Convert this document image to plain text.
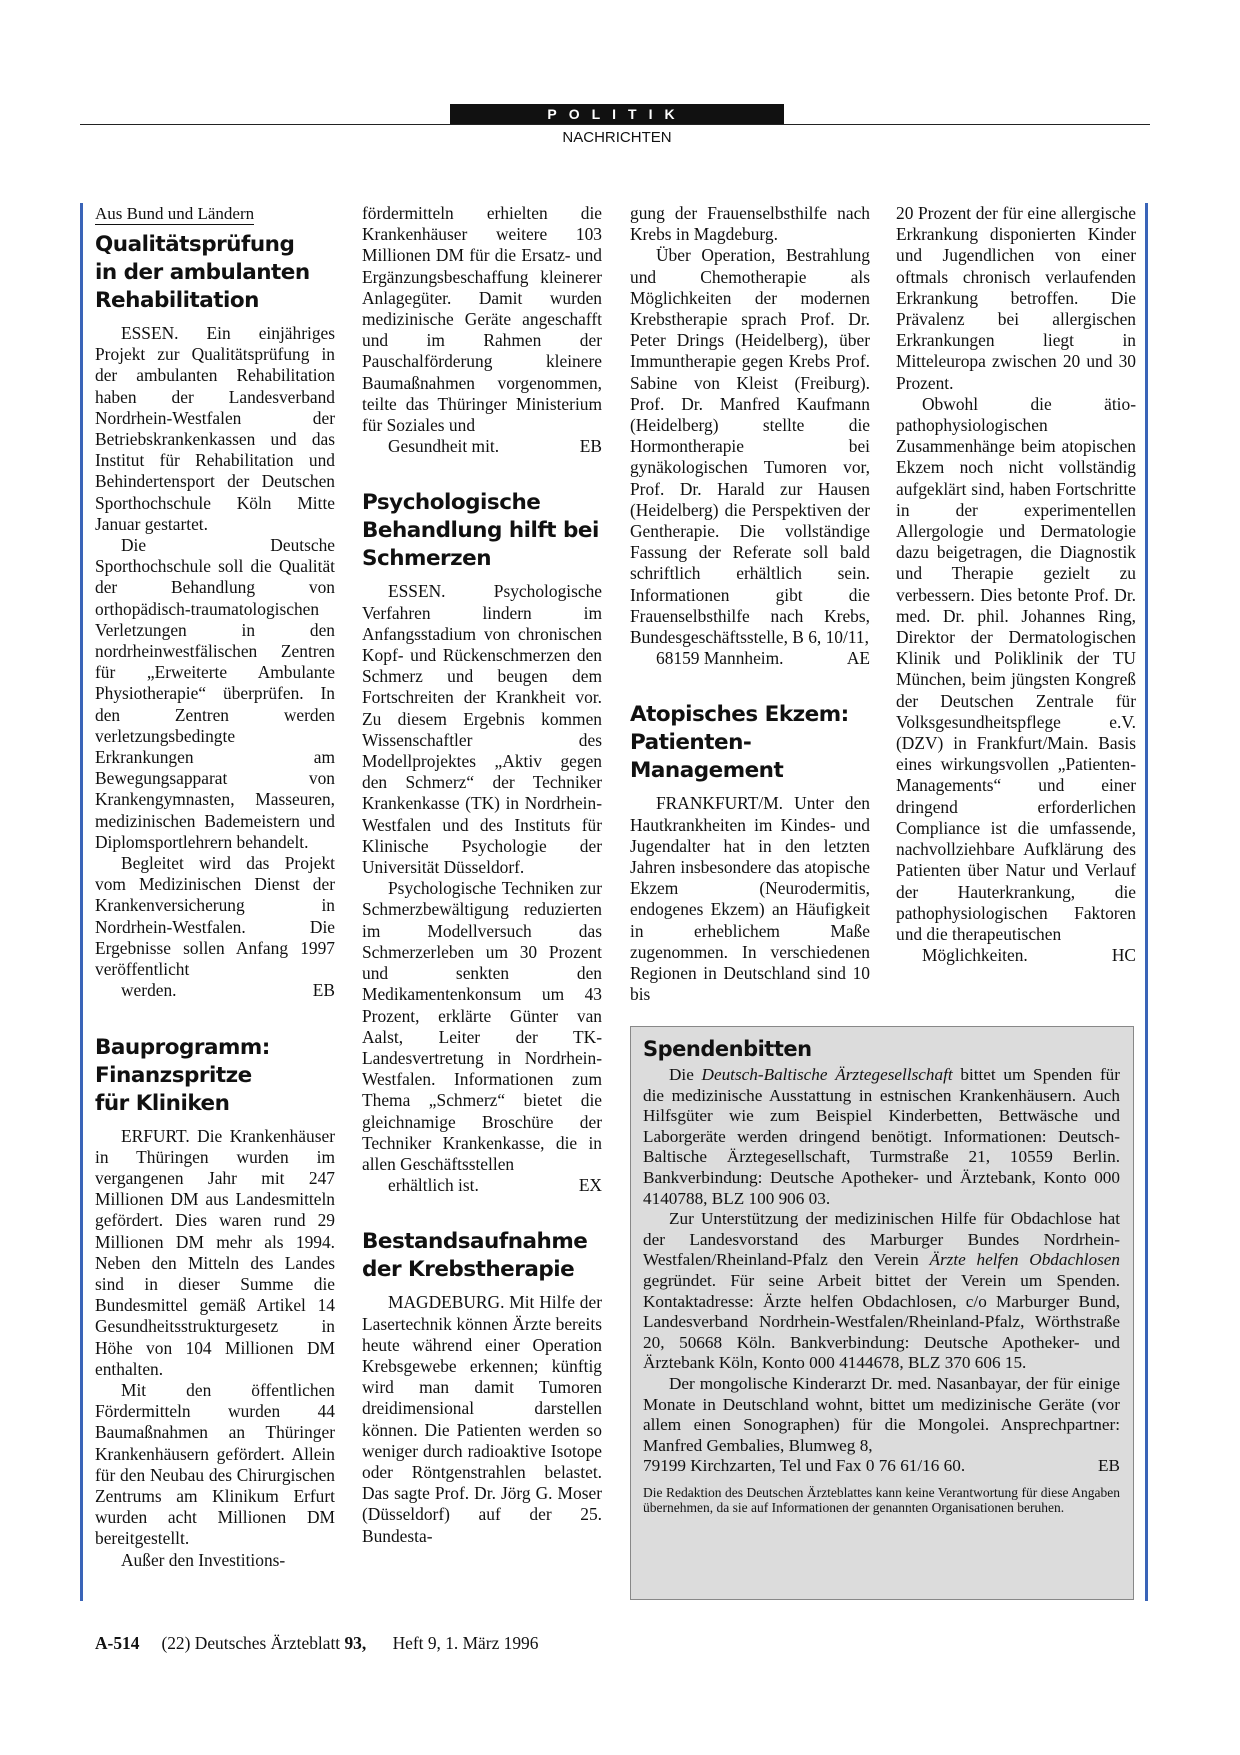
POLITIK
NACHRICHTEN
Aus Bund und Ländern
Qualitätsprüfung
in der ambulanten
Rehabilitation

ESSEN. Ein einjähriges Projekt zur Qualitätsprüfung in der ambulanten Rehabilitation haben der Landesverband Nordrhein-Westfalen der Betriebskrankenkassen und das Institut für Rehabilitation und Behindertensport der Deutschen Sporthochschule Köln Mitte Januar gestartet.

Die Deutsche Sporthochschule soll die Qualität der Behandlung von orthopädisch-traumatologischen Verletzungen in den nordrheinwestfälischen Zentren für „Erweiterte Ambulante Physiotherapie“ überprüfen. In den Zentren werden verletzungsbedingte Erkrankungen am Bewegungsapparat von Krankengymnasten, Masseuren, medizinischen Bademeistern und Diplomsportlehrern behandelt.

Begleitet wird das Projekt vom Medizinischen Dienst der Krankenversicherung in Nordrhein-Westfalen. Die Ergebnisse sollen Anfang 1997 veröffentlicht

werden.	EB

Bauprogramm:
Finanzspritze
für Kliniken

ERFURT. Die Krankenhäuser in Thüringen wurden im vergangenen Jahr mit 247 Millionen DM aus Landesmitteln gefördert. Dies waren rund 29 Millionen DM mehr als 1994. Neben den Mitteln des Landes sind in dieser Summe die Bundesmittel gemäß Artikel 14 Gesundheitsstrukturgesetz in Höhe von 104 Millionen DM enthalten.

Mit den öffentlichen Fördermitteln wurden 44 Baumaßnahmen an Thüringer Krankenhäusern gefördert. Allein für den Neubau des Chirurgischen Zentrums am Klinikum Erfurt wurden acht Millionen DM bereitgestellt.

Außer den Investitions-

fördermitteln erhielten die Krankenhäuser weitere 103 Millionen DM für die Ersatz- und Ergänzungsbeschaffung kleinerer Anlagegüter. Damit wurden medizinische Geräte angeschafft und im Rahmen der Pauschalförderung kleinere Baumaßnahmen vorgenommen, teilte das Thüringer Ministerium für Soziales und

Gesundheit mit.	EB

Psychologische
Behandlung hilft bei
Schmerzen

ESSEN. Psychologische Verfahren lindern im Anfangsstadium von chronischen Kopf- und Rückenschmerzen den Schmerz und beugen dem Fortschreiten der Krankheit vor. Zu diesem Ergebnis kommen Wissenschaftler des Modellprojektes „Aktiv gegen den Schmerz“ der Techniker Krankenkasse (TK) in Nordrhein-Westfalen und des Instituts für Klinische Psychologie der Universität Düsseldorf.

Psychologische Techniken zur Schmerzbewältigung reduzierten im Modellversuch das Schmerzerleben um 30 Prozent und senkten den Medikamentenkonsum um 43 Prozent, erklärte Günter van Aalst, Leiter der TK-Landesvertretung in Nordrhein-Westfalen. Informationen zum Thema „Schmerz“ bietet die gleichnamige Broschüre der Techniker Krankenkasse, die in allen Geschäftsstellen

erhältlich ist.	EX

Bestandsaufnahme
der Krebstherapie

MAGDEBURG. Mit Hilfe der Lasertechnik können Ärzte bereits heute während einer Operation Krebsgewebe erkennen; künftig wird man damit Tumoren dreidimensional darstellen können. Die Patienten werden so weniger durch radioaktive Isotope oder Röntgenstrahlen belastet. Das sagte Prof. Dr. Jörg G. Moser (Düsseldorf) auf der 25. Bundesta-

gung der Frauenselbsthilfe nach Krebs in Magdeburg.

Über Operation, Bestrahlung und Chemotherapie als Möglichkeiten der modernen Krebstherapie sprach Prof. Dr. Peter Drings (Heidelberg), über Immuntherapie gegen Krebs Prof. Sabine von Kleist (Freiburg). Prof. Dr. Manfred Kaufmann (Heidelberg) stellte die Hormontherapie bei gynäkologischen Tumoren vor, Prof. Dr. Harald zur Hausen (Heidelberg) die Perspektiven der Gentherapie. Die vollständige Fassung der Referate soll bald schriftlich erhältlich sein. Informationen gibt die Frauenselbsthilfe nach Krebs, Bundesgeschäftsstelle, B 6, 10/11,

68159 Mannheim.	AE

Atopisches Ekzem:
Patienten-Management

FRANKFURT/M. Unter den Hautkrankheiten im Kindes- und Jugendalter hat in den letzten Jahren insbesondere das atopische Ekzem (Neurodermitis, endogenes Ekzem) an Häufigkeit in erheblichem Maße zugenommen. In verschiedenen Regionen in Deutschland sind 10 bis

20 Prozent der für eine allergische Erkrankung disponierten Kinder und Jugendlichen von einer oftmals chronisch verlaufenden Erkrankung betroffen. Die Prävalenz bei allergischen Erkrankungen liegt in Mitteleuropa zwischen 20 und 30 Prozent.

Obwohl die ätio-pathophysiologischen Zusammenhänge beim atopischen Ekzem noch nicht vollständig aufgeklärt sind, haben Fortschritte in der experimentellen Allergologie und Dermatologie dazu beigetragen, die Diagnostik und Therapie gezielt zu verbessern. Dies betonte Prof. Dr. med. Dr. phil. Johannes Ring, Direktor der Dermatologischen Klinik und Poliklinik der TU München, beim jüngsten Kongreß der Deutschen Zentrale für Volksgesundheitspflege e.V. (DZV) in Frankfurt/Main. Basis eines wirkungsvollen „Patienten-Managements“ und einer dringend erforderlichen Compliance ist die umfassende, nachvollziehbare Aufklärung des Patienten über Natur und Verlauf der Hauterkrankung, die pathophysiologischen Faktoren und die therapeutischen

Möglichkeiten.	HC

Spendenbitten

Die Deutsch-Baltische Ärztegesellschaft bittet um Spenden für die medizinische Ausstattung in estnischen Krankenhäusern. Auch Hilfsgüter wie zum Beispiel Kinderbetten, Bettwäsche und Laborgeräte werden dringend benötigt. Informationen: Deutsch-Baltische Ärztegesellschaft, Turmstraße 21, 10559 Berlin. Bankverbindung: Deutsche Apotheker- und Ärztebank, Konto 000 4140788, BLZ 100 906 03.

Zur Unterstützung der medizinischen Hilfe für Obdachlose hat der Landesvorstand des Marburger Bundes Nordrhein-Westfalen/Rheinland-Pfalz den Verein Ärzte helfen Obdachlosen gegründet. Für seine Arbeit bittet der Verein um Spenden. Kontaktadresse: Ärzte helfen Obdachlosen, c/o Marburger Bund, Landesverband Nordrhein-Westfalen/Rheinland-Pfalz, Wörthstraße 20, 50668 Köln. Bankverbindung: Deutsche Apotheker- und Ärztebank Köln, Konto 000 4144678, BLZ 370 606 15.

Der mongolische Kinderarzt Dr. med. Nasanbayar, der für einige Monate in Deutschland wohnt, bittet um medizinische Geräte (vor allem einen Sonographen) für die Mongolei. Ansprechpartner: Manfred Gembalies, Blumweg 8,

79199 Kirchzarten, Tel und Fax 0 76 61/16 60.	EB

Die Redaktion des Deutschen Ärzteblattes kann keine Verantwortung für diese Angaben übernehmen, da sie auf Informationen der genannten Organisationen beruhen.

A-514 (22) Deutsches Ärzteblatt 93, Heft 9, 1. März 1996
